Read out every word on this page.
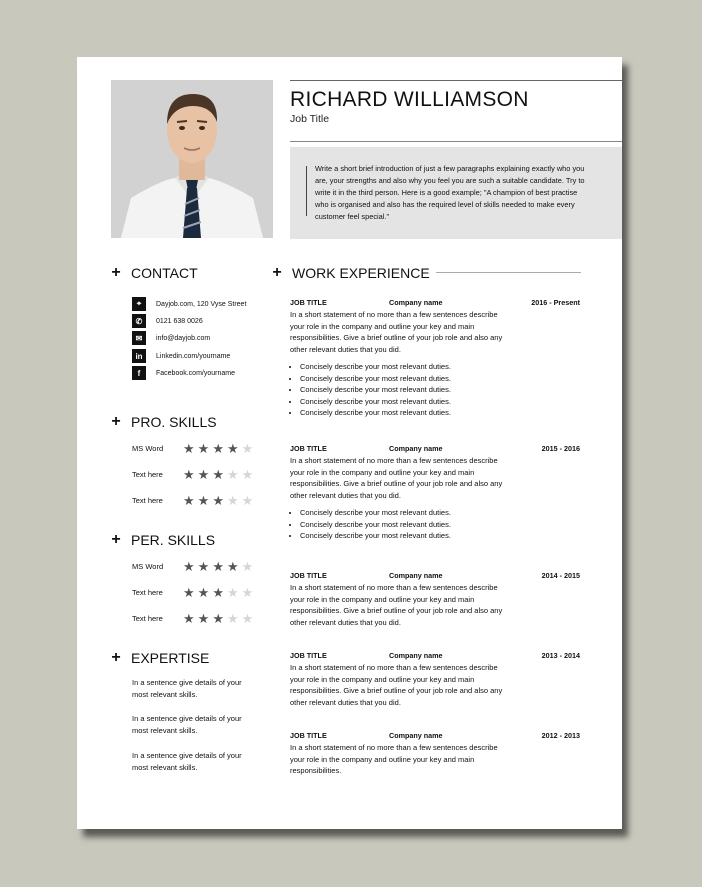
RICHARD WILLIAMSON
Job Title
Write a short brief introduction of just a few paragraphs explaining exactly who you are, your strengths and also why you feel you are such a suitable candidate. Try to write it in the third person. Here is a good example; "A champion of best practise who is organised and also has the required level of skills needed to make every customer feel special."
+ CONTACT
⌖	Dayjob.com, 120 Vyse Street
✆	0121 638 0026
✉	info@dayjob.com
in	Linkedin.com/yourname
f	Facebook.com/yourname
+ PRO. SKILLS
MS Word	★ ★ ★ ★ ★
Text here	★ ★ ★ ★ ★
Text here	★ ★ ★ ★ ★
+ PER. SKILLS
MS Word	★ ★ ★ ★ ★
Text here	★ ★ ★ ★ ★
Text here	★ ★ ★ ★ ★
+ EXPERTISE
In a sentence give details of your most relevant skills.
In a sentence give details of your most relevant skills.
In a sentence give details of your most relevant skills.
+ WORK EXPERIENCE
JOB TITLE	Company name	2016 - Present
In a short statement of no more than a few sentences describe your role in the company and outline your key and main responsibilities. Give a brief outline of your job role and also any other relevant duties that you did.
• Concisely describe your most relevant duties.
• Concisely describe your most relevant duties.
• Concisely describe your most relevant duties.
• Concisely describe your most relevant duties.
• Concisely describe your most relevant duties.
JOB TITLE	Company name	2015 - 2016
In a short statement of no more than a few sentences describe your role in the company and outline your key and main responsibilities. Give a brief outline of your job role and also any other relevant duties that you did.
• Concisely describe your most relevant duties.
• Concisely describe your most relevant duties.
• Concisely describe your most relevant duties.
JOB TITLE	Company name	2014 - 2015
In a short statement of no more than a few sentences describe your role in the company and outline your key and main responsibilities. Give a brief outline of your job role and also any other relevant duties that you did.
JOB TITLE	Company name	2013 - 2014
In a short statement of no more than a few sentences describe your role in the company and outline your key and main responsibilities. Give a brief outline of your job role and also any other relevant duties that you did.
JOB TITLE	Company name	2012 - 2013
In a short statement of no more than a few sentences describe your role in the company and outline your key and main responsibilities.
